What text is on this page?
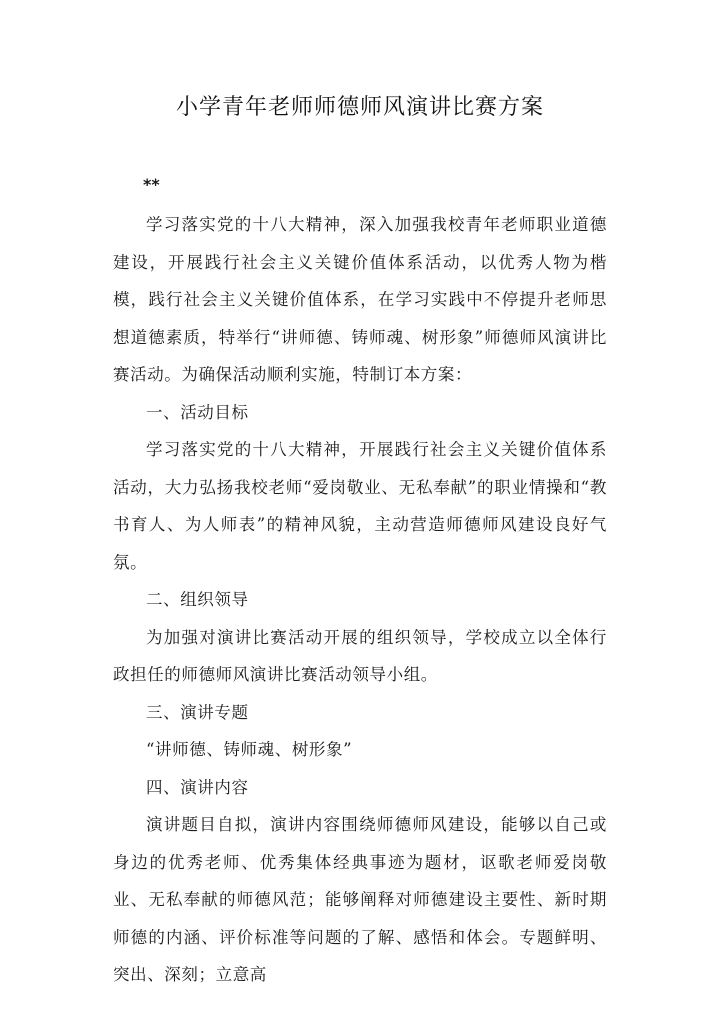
小学青年老师师德师风演讲比赛方案
**

学习落实党的十八大精神，深入加强我校青年老师职业道德建设，开展践行社会主义关键价值体系活动，以优秀人物为楷模，践行社会主义关键价值体系，在学习实践中不停提升老师思想道德素质，特举行“讲师德、铸师魂、树形象”师德师风演讲比赛活动。为确保活动顺利实施，特制订本方案：

一、活动目标

学习落实党的十八大精神，开展践行社会主义关键价值体系活动，大力弘扬我校老师“爱岗敬业、无私奉献”的职业情操和“教书育人、为人师表”的精神风貌，主动营造师德师风建设良好气氛。

二、组织领导

为加强对演讲比赛活动开展的组织领导，学校成立以全体行政担任的师德师风演讲比赛活动领导小组。

三、演讲专题

“讲师德、铸师魂、树形象”

四、演讲内容

演讲题目自拟，演讲内容围绕师德师风建设，能够以自己或身边的优秀老师、优秀集体经典事迹为题材，讴歌老师爱岗敬业、无私奉献的师德风范；能够阐释对师德建设主要性、新时期师德的内涵、评价标准等问题的了解、感悟和体会。专题鲜明、突出、深刻；立意高
